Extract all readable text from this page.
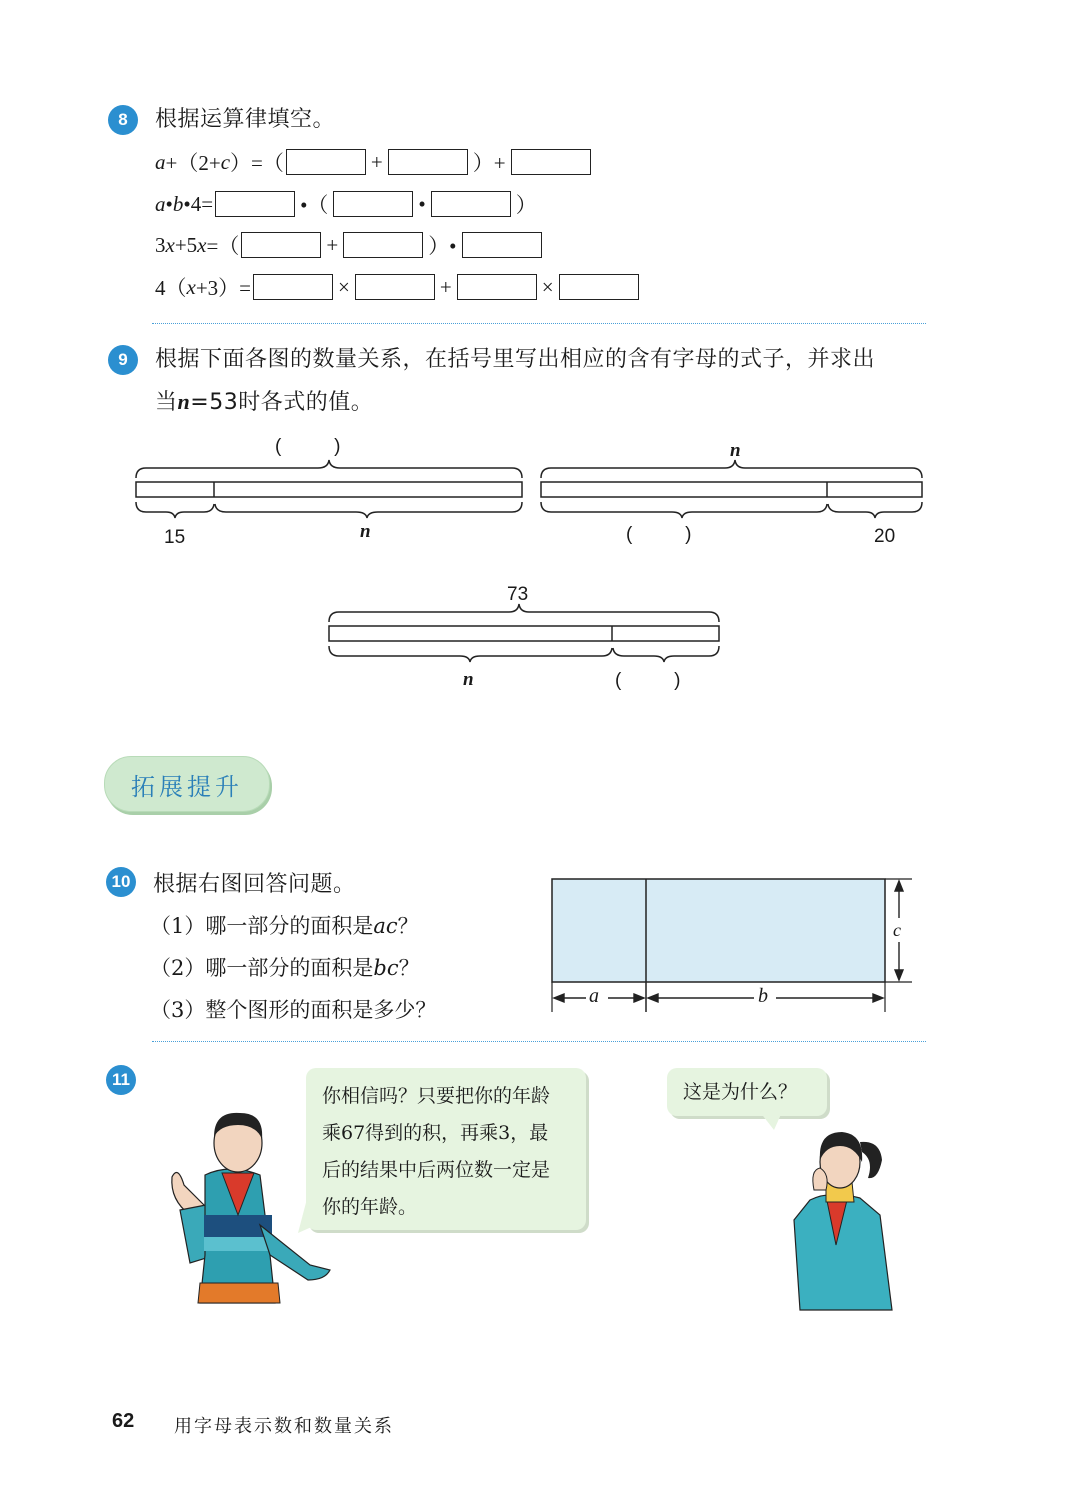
8	根据运算律填空。
a +（2+ c ）=（	+	）+
a • b •4=	•（	•	）
3 x +5 x =（	+	）•
4（ x +3）=	×	+	×
9	根据下面各图的数量关系，在括号里写出相应的含有字母的式子，并求出
当n=53时各式的值。
(          )
15	n
n
(          )	20
73
n	(          )
拓展提升
10 根据右图回答问题。
（1）哪一部分的面积是ac？
（2）哪一部分的面积是bc？
（3）整个图形的面积是多少？
a	b
c
11
你相信吗？只要把你的年龄
乘67得到的积，再乘3，最
后的结果中后两位数一定是
你的年龄。
这是为什么？
62 用字母表示数和数量关系
